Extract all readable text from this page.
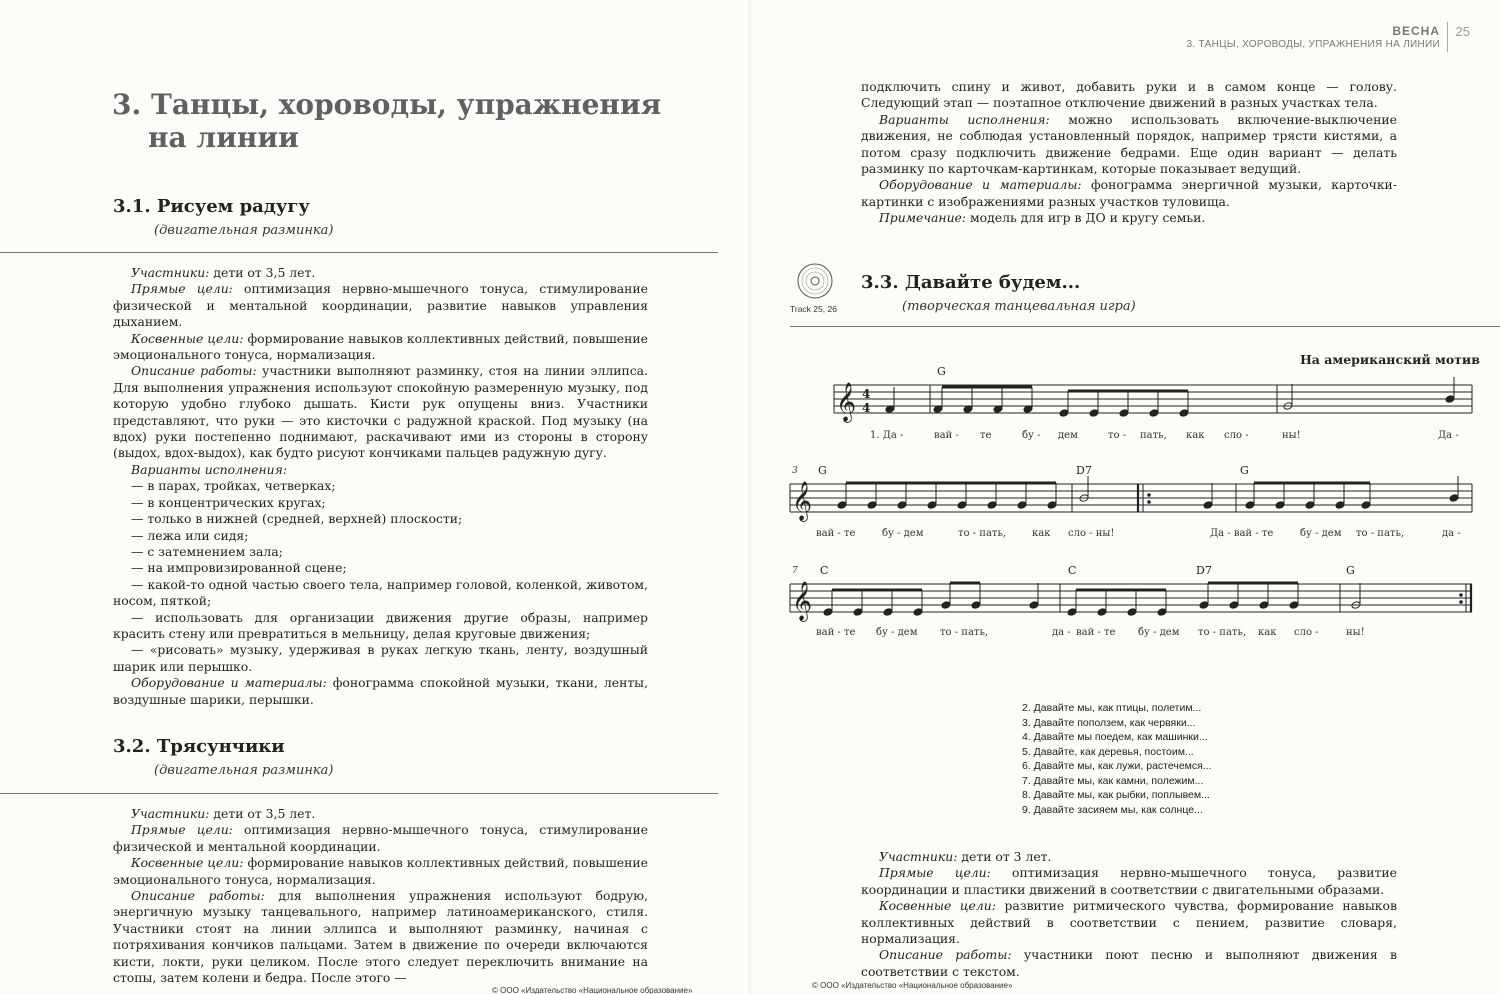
3. Танцы, хороводы, упражнения
на линии
3.1. Рисуем радугу
(двигательная разминка)

Участники: дети от 3,5 лет.

Прямые цели: оптимизация нервно-мышечного тонуса, стимулирование физической и ментальной координации, развитие навыков управления дыханием.

Косвенные цели: формирование навыков коллективных действий, повышение эмоционального тонуса, нормализация.

Описание работы: участники выполняют разминку, стоя на линии эллипса. Для выполнения упражнения используют спокойную размеренную музыку, под которую удобно глубоко дышать. Кисти рук опущены вниз. Участники представляют, что руки — это кисточки с радужной краской. Под музыку (на вдох) руки постепенно поднимают, раскачивают ими из стороны в сторону (выдох, вдох-выдох), как будто рисуют кончиками пальцев радужную дугу.

Варианты исполнения:

— в парах, тройках, четверках;

— в концентрических кругах;

— только в нижней (средней, верхней) плоскости;

— лежа или сидя;

— с затемнением зала;

— на импровизированной сцене;

— какой-то одной частью своего тела, например головой, коленкой, животом, носом, пяткой;

— использовать для организации движения другие образы, например красить стену или превратиться в мельницу, делая круговые движения;

— «рисовать» музыку, удерживая в руках легкую ткань, ленту, воздушный шарик или перышко.

Оборудование и материалы: фонограмма спокойной музыки, ткани, ленты, воздушные шарики, перышки.

3.2. Трясунчики
(двигательная разминка)

Участники: дети от 3,5 лет.

Прямые цели: оптимизация нервно-мышечного тонуса, стимулирование физической и ментальной координации.

Косвенные цели: формирование навыков коллективных действий, повышение эмоционального тонуса, нормализация.

Описание работы: для выполнения упражнения используют бодрую, энергичную музыку танцевального, например латиноамериканского, стиля. Участники стоят на линии эллипса и выполняют разминку, начиная с потряхивания кончиков пальцами. Затем в движение по очереди включаются кисти, локти, руки целиком. После этого следует переключить внимание на стопы, затем колени и бедра. После этого —

© ООО «Издательство «Национальное образование»
ВЕСНА
3. ТАНЦЫ, ХОРОВОДЫ, УПРАЖНЕНИЯ НА ЛИНИИ
25

подключить спину и живот, добавить руки и в самом конце — голову. Следующий этап — поэтапное отключение движений в разных участках тела.

Варианты исполнения: можно использовать включение-выключение движения, не соблюдая установленный порядок, например трясти кистями, а потом сразу подключить движение бедрами. Еще один вариант — делать разминку по карточкам-картинкам, которые показывает ведущий.

Оборудование и материалы: фонограмма энергичной музыки, карточки-картинки с изображениями разных участков туловища.

Примечание: модель для игр в ДО и кругу семьи.

Track 25, 26
3.3. Давайте будем...
(творческая танцевальная игра)
На американский мотив
G
3 G	D7	G
7 C	C	D7	G
𝄞
𝄞
𝄞
4
4
1. Да -	вай - те	бу - дем	то - пать, как сло -	ны!	Да -
вай - те	бу - дем	то - пать,	как сло - ны!	Да - вай - те	бу - дем то - пать,	да -
вай - те бу - дем то - пать,	да - вай - те бу - дем то - пать, как сло -	ны!
2. Давайте мы, как птицы, полетим...
3. Давайте поползем, как червяки...
4. Давайте мы поедем, как машинки...
5. Давайте, как деревья, постоим...
6. Давайте мы, как лужи, растечемся...
7. Давайте мы, как камни, полежим...
8. Давайте мы, как рыбки, поплывем...
9. Давайте засияем мы, как солнце...

Участники: дети от 3 лет.

Прямые цели: оптимизация нервно-мышечного тонуса, развитие координации и пластики движений в соответствии с двигательными образами.

Косвенные цели: развитие ритмического чувства, формирование навыков коллективных действий в соответствии с пением, развитие словаря, нормализация.

Описание работы: участники поют песню и выполняют движения в соответствии с текстом.

© ООО «Издательство «Национальное образование»
